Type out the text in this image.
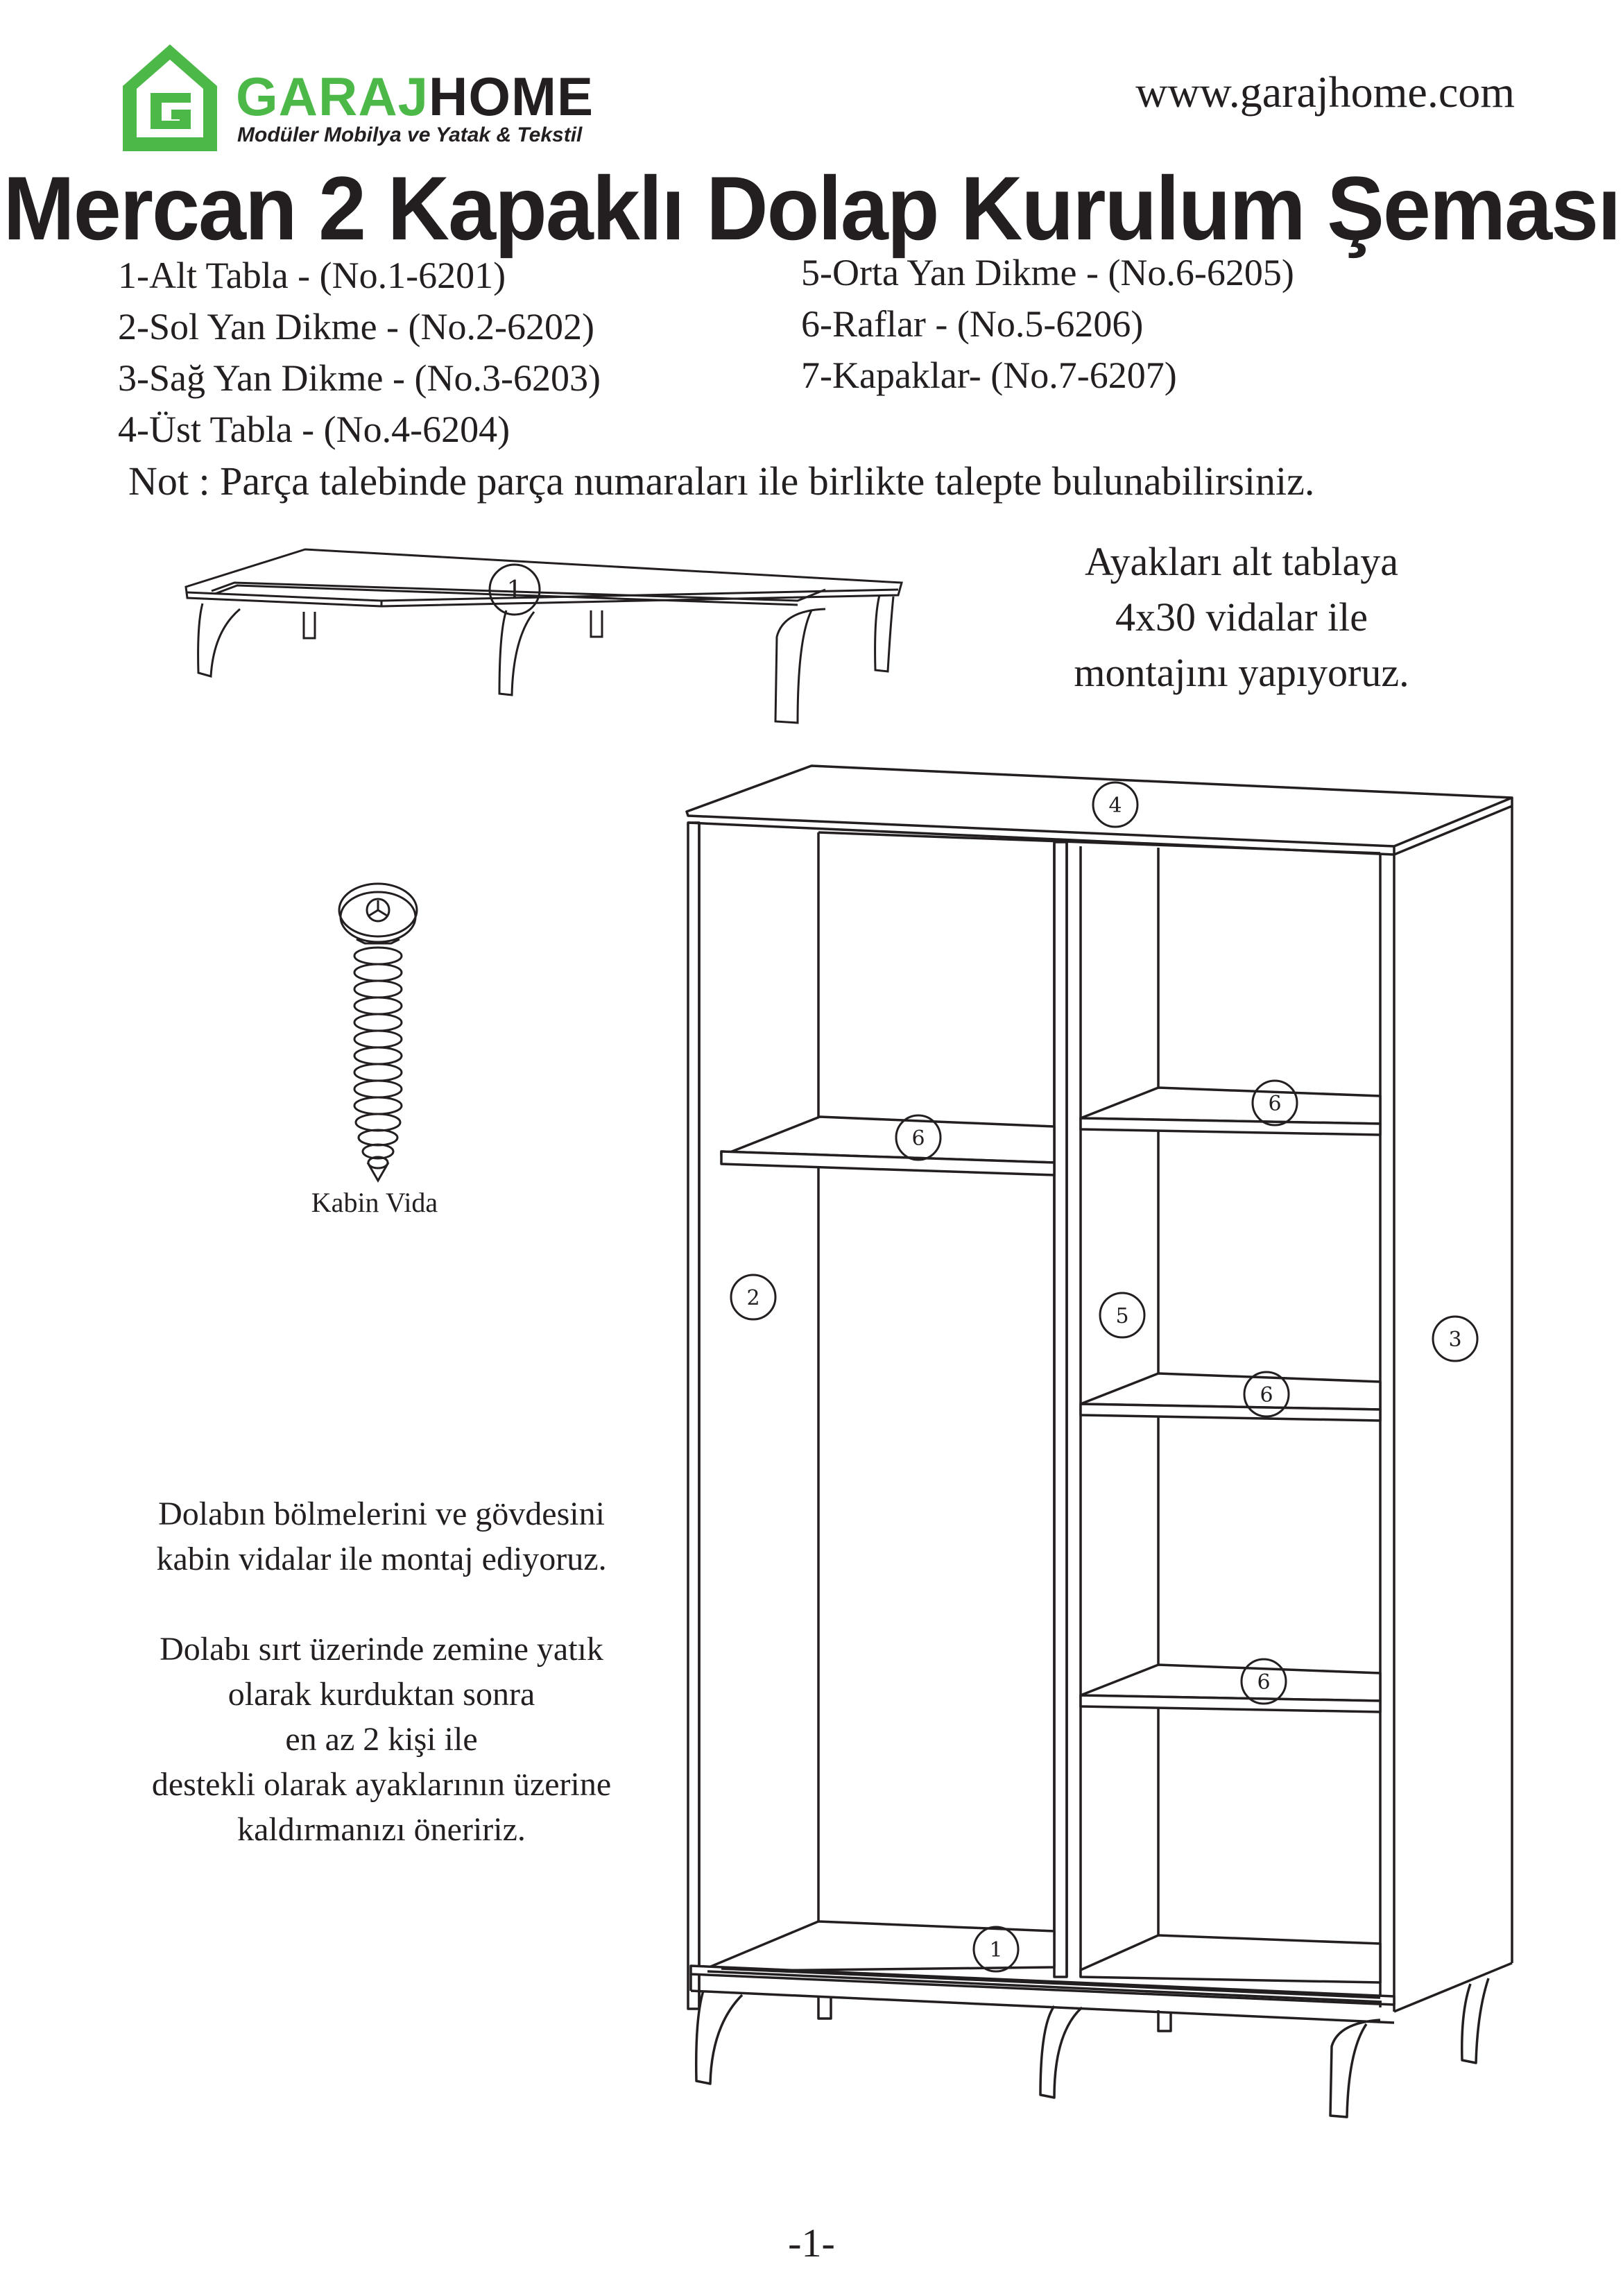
GARAJHOME
Modüler Mobilya ve Yatak & Tekstil
www.garajhome.com
Mercan 2 Kapaklı Dolap Kurulum Şeması
1-Alt Tabla - (No.1-6201)
2-Sol Yan Dikme - (No.2-6202)
3-Sağ Yan Dikme - (No.3-6203)
4-Üst Tabla - (No.4-6204)
5-Orta Yan Dikme - (No.6-6205)
6-Raflar - (No.5-6206)
7-Kapaklar- (No.7-6207)
Not : Parça talebinde parça numaraları ile birlikte talepte bulunabilirsiniz.
1
Ayakları alt tablaya
4x30 vidalar ile
montajını yapıyoruz.
Kabin Vida
Dolabın bölmelerini ve gövdesini
kabin vidalar ile montaj ediyoruz.
Dolabı sırt üzerinde zemine yatık
olarak kurduktan sonra
en az 2 kişi ile
destekli olarak ayaklarının üzerine
kaldırmanızı öneririz.
4
6
6
2
5
3
6
6
1
-1-
